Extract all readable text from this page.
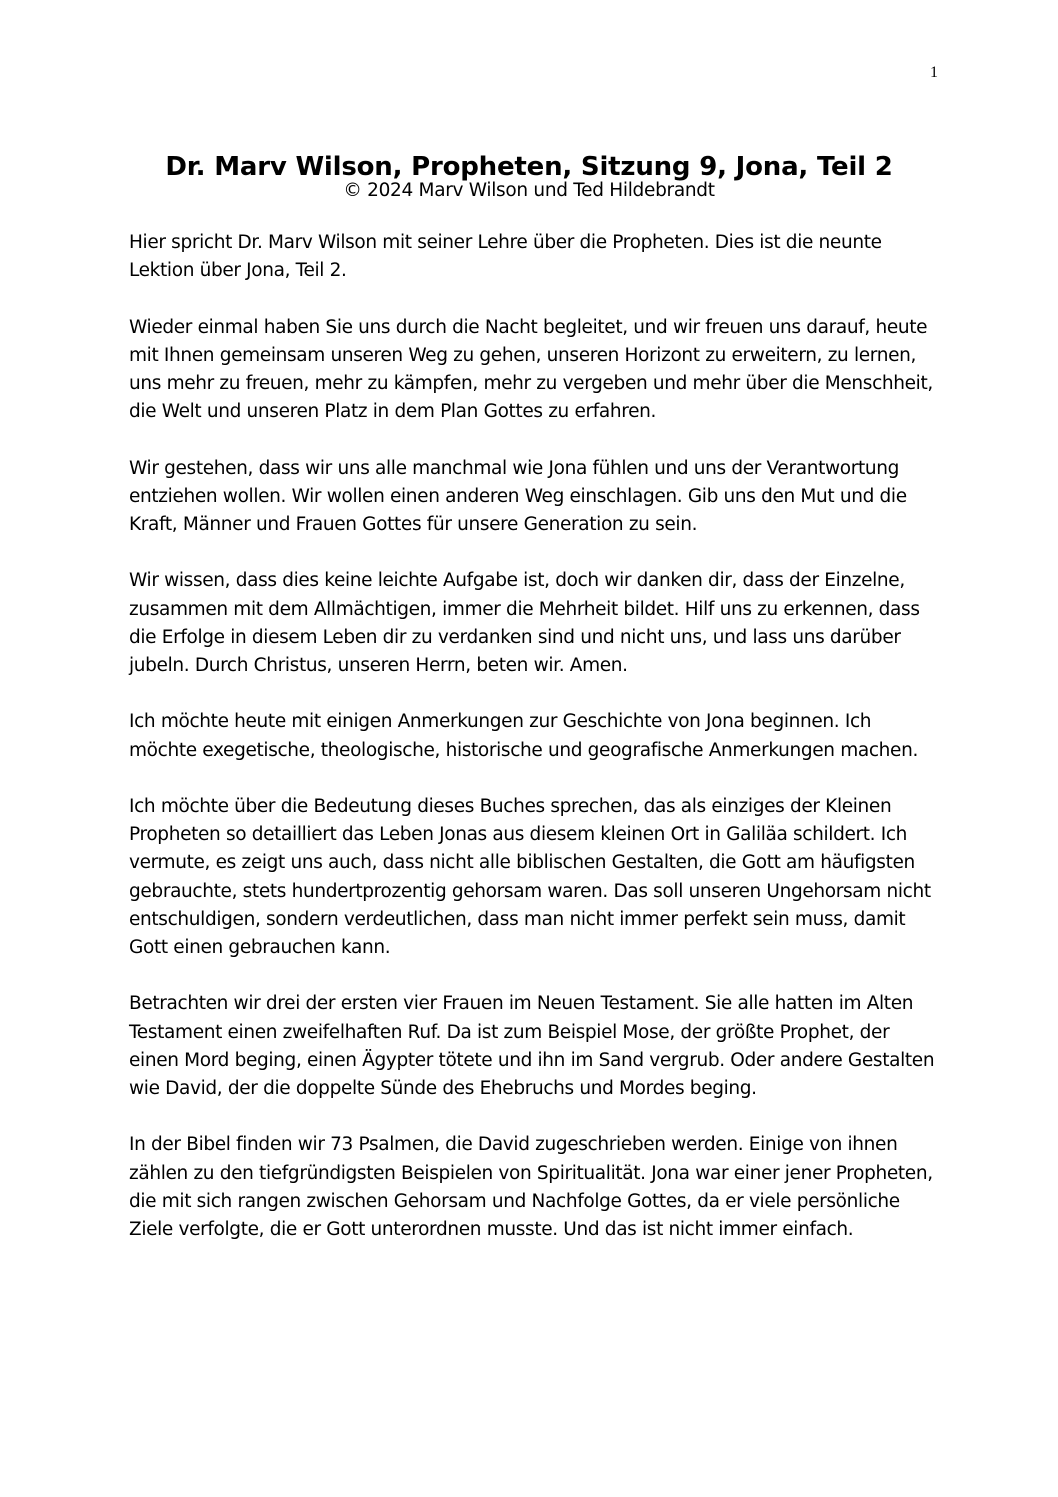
1
Dr. Marv Wilson, Propheten, Sitzung 9, Jona, Teil 2
© 2024 Marv Wilson und Ted Hildebrandt

Hier spricht Dr. Marv Wilson mit seiner Lehre über die Propheten. Dies ist die neunte Lektion über Jona, Teil 2.

Wieder einmal haben Sie uns durch die Nacht begleitet, und wir freuen uns darauf, heute mit Ihnen gemeinsam unseren Weg zu gehen, unseren Horizont zu erweitern, zu lernen, uns mehr zu freuen, mehr zu kämpfen, mehr zu vergeben und mehr über die Menschheit, die Welt und unseren Platz in dem Plan Gottes zu erfahren.

Wir gestehen, dass wir uns alle manchmal wie Jona fühlen und uns der Verantwortung entziehen wollen. Wir wollen einen anderen Weg einschlagen. Gib uns den Mut und die Kraft, Männer und Frauen Gottes für unsere Generation zu sein.

Wir wissen, dass dies keine leichte Aufgabe ist, doch wir danken dir, dass der Einzelne, zusammen mit dem Allmächtigen, immer die Mehrheit bildet. Hilf uns zu erkennen, dass die Erfolge in diesem Leben dir zu verdanken sind und nicht uns, und lass uns darüber jubeln. Durch Christus, unseren Herrn, beten wir. Amen.

Ich möchte heute mit einigen Anmerkungen zur Geschichte von Jona beginnen. Ich möchte exegetische, theologische, historische und geografische Anmerkungen machen.

Ich möchte über die Bedeutung dieses Buches sprechen, das als einziges der Kleinen Propheten so detailliert das Leben Jonas aus diesem kleinen Ort in Galiläa schildert. Ich vermute, es zeigt uns auch, dass nicht alle biblischen Gestalten, die Gott am häufigsten gebrauchte, stets hundertprozentig gehorsam waren. Das soll unseren Ungehorsam nicht entschuldigen, sondern verdeutlichen, dass man nicht immer perfekt sein muss, damit Gott einen gebrauchen kann.

Betrachten wir drei der ersten vier Frauen im Neuen Testament. Sie alle hatten im Alten Testament einen zweifelhaften Ruf. Da ist zum Beispiel Mose, der größte Prophet, der einen Mord beging, einen Ägypter tötete und ihn im Sand vergrub. Oder andere Gestalten wie David, der die doppelte Sünde des Ehebruchs und Mordes beging.

In der Bibel finden wir 73 Psalmen, die David zugeschrieben werden. Einige von ihnen zählen zu den tiefgründigsten Beispielen von Spiritualität. Jona war einer jener Propheten, die mit sich rangen zwischen Gehorsam und Nachfolge Gottes, da er viele persönliche Ziele verfolgte, die er Gott unterordnen musste. Und das ist nicht immer einfach.
